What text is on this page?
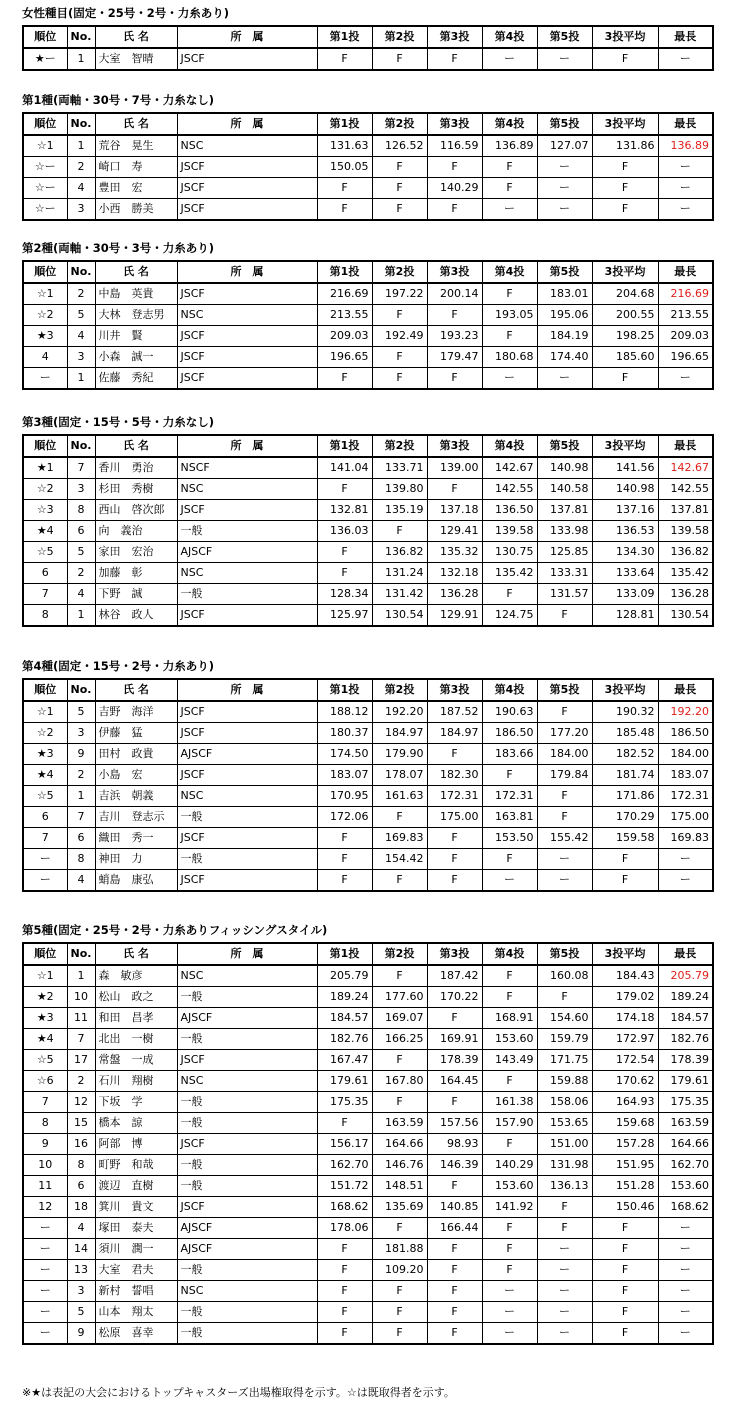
女性種目(固定・25号・2号・力糸あり)
順位	No.	氏 名	所　属	第1投	第2投	第3投	第4投	第5投	3投平均	最長
★ー	1	大室　智晴	JSCF	F	F	F	ー	ー	F	ー
第1種(両軸・30号・7号・力糸なし)
順位	No.	氏 名	所　属	第1投	第2投	第3投	第4投	第5投	3投平均	最長
☆1	1	荒谷　晃生	NSC	131.63	126.52	116.59	136.89	127.07	131.86	136.89
☆ー	2	崎口　寿	JSCF	150.05	F	F	F	ー	F	ー
☆ー	4	豊田　宏	JSCF	F	F	140.29	F	ー	F	ー
☆ー	3	小西　勝美	JSCF	F	F	F	ー	ー	F	ー
第2種(両軸・30号・3号・力糸あり)
順位	No.	氏 名	所　属	第1投	第2投	第3投	第4投	第5投	3投平均	最長
☆1	2	中島　英貴	JSCF	216.69	197.22	200.14	F	183.01	204.68	216.69
☆2	5	大林　登志男	NSC	213.55	F	F	193.05	195.06	200.55	213.55
★3	4	川井　賢	JSCF	209.03	192.49	193.23	F	184.19	198.25	209.03
4	3	小森　誠一	JSCF	196.65	F	179.47	180.68	174.40	185.60	196.65
ー	1	佐藤　秀紀	JSCF	F	F	F	ー	ー	F	ー
第3種(固定・15号・5号・力糸なし)
順位	No.	氏 名	所　属	第1投	第2投	第3投	第4投	第5投	3投平均	最長
★1	7	香川　勇治	NSCF	141.04	133.71	139.00	142.67	140.98	141.56	142.67
☆2	3	杉田　秀樹	NSC	F	139.80	F	142.55	140.58	140.98	142.55
☆3	8	西山　啓次郎	JSCF	132.81	135.19	137.18	136.50	137.81	137.16	137.81
★4	6	向　義治	一般	136.03	F	129.41	139.58	133.98	136.53	139.58
☆5	5	家田　宏治	AJSCF	F	136.82	135.32	130.75	125.85	134.30	136.82
6	2	加藤　彰	NSC	F	131.24	132.18	135.42	133.31	133.64	135.42
7	4	下野　誠	一般	128.34	131.42	136.28	F	131.57	133.09	136.28
8	1	林谷　政人	JSCF	125.97	130.54	129.91	124.75	F	128.81	130.54
第4種(固定・15号・2号・力糸あり)
順位	No.	氏 名	所　属	第1投	第2投	第3投	第4投	第5投	3投平均	最長
☆1	5	吉野　海洋	JSCF	188.12	192.20	187.52	190.63	F	190.32	192.20
☆2	3	伊藤　猛	JSCF	180.37	184.97	184.97	186.50	177.20	185.48	186.50
★3	9	田村　政貴	AJSCF	174.50	179.90	F	183.66	184.00	182.52	184.00
★4	2	小島　宏	JSCF	183.07	178.07	182.30	F	179.84	181.74	183.07
☆5	1	吉浜　朝義	NSC	170.95	161.63	172.31	172.31	F	171.86	172.31
6	7	吉川　登志示	一般	172.06	F	175.00	163.81	F	170.29	175.00
7	6	織田　秀一	JSCF	F	169.83	F	153.50	155.42	159.58	169.83
ー	8	神田　力	一般	F	154.42	F	F	ー	F	ー
ー	4	蛸島　康弘	JSCF	F	F	F	ー	ー	F	ー
第5種(固定・25号・2号・力糸ありフィッシングスタイル)
順位	No.	氏 名	所　属	第1投	第2投	第3投	第4投	第5投	3投平均	最長
☆1	1	森　敏彦	NSC	205.79	F	187.42	F	160.08	184.43	205.79
★2	10	松山　政之	一般	189.24	177.60	170.22	F	F	179.02	189.24
★3	11	和田　昌孝	AJSCF	184.57	169.07	F	168.91	154.60	174.18	184.57
★4	7	北出　一樹	一般	182.76	166.25	169.91	153.60	159.79	172.97	182.76
☆5	17	常盤　一成	JSCF	167.47	F	178.39	143.49	171.75	172.54	178.39
☆6	2	石川　翔樹	NSC	179.61	167.80	164.45	F	159.88	170.62	179.61
7	12	下坂　学	一般	175.35	F	F	161.38	158.06	164.93	175.35
8	15	橋本　諒	一般	F	163.59	157.56	157.90	153.65	159.68	163.59
9	16	阿部　博	JSCF	156.17	164.66	98.93	F	151.00	157.28	164.66
10	8	町野　和哉	一般	162.70	146.76	146.39	140.29	131.98	151.95	162.70
11	6	渡辺　直樹	一般	151.72	148.51	F	153.60	136.13	151.28	153.60
12	18	箕川　貴文	JSCF	168.62	135.69	140.85	141.92	F	150.46	168.62
ー	4	塚田　泰夫	AJSCF	178.06	F	166.44	F	F	F	ー
ー	14	須川　潤一	AJSCF	F	181.88	F	F	ー	F	ー
ー	13	大室　君夫	一般	F	109.20	F	F	ー	F	ー
ー	3	新村　誓唱	NSC	F	F	F	ー	ー	F	ー
ー	5	山本　翔太	一般	F	F	F	ー	ー	F	ー
ー	9	松原　喜幸	一般	F	F	F	ー	ー	F	ー
※★は表記の大会におけるトップキャスターズ出場権取得を示す。☆は既取得者を示す。
